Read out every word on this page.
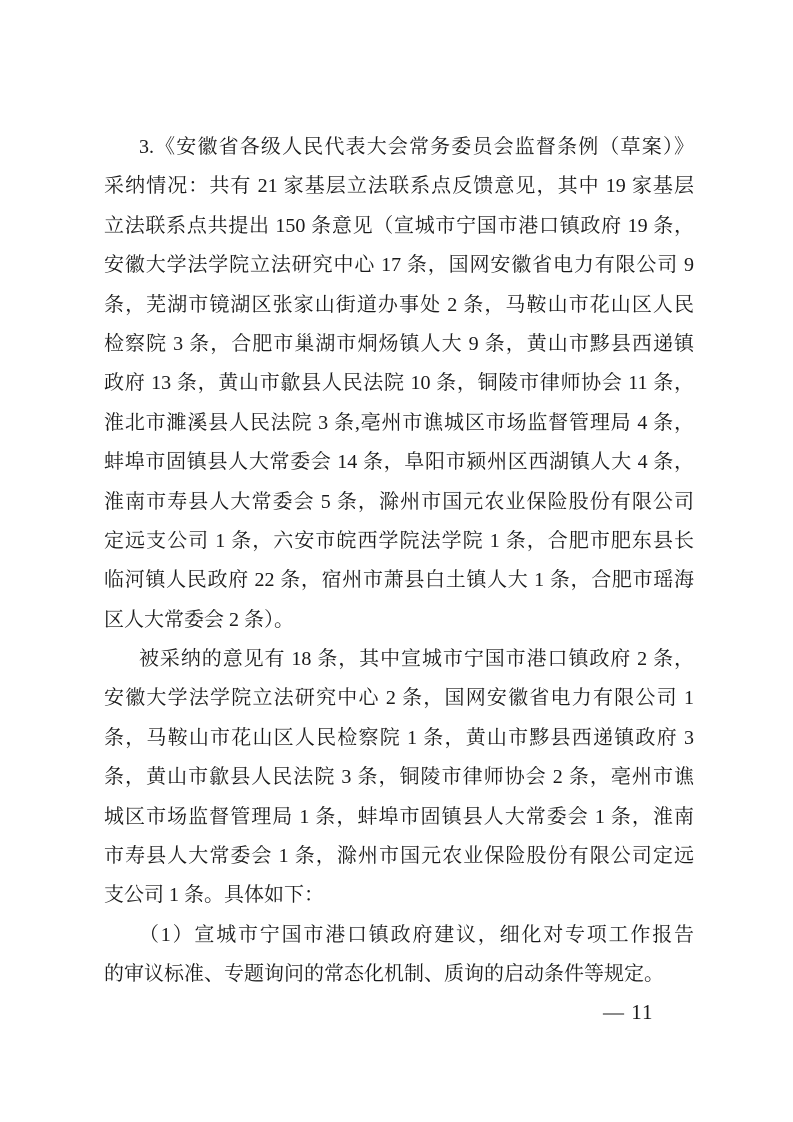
3.《安徽省各级人民代表大会常务委员会监督条例（草案）》
采纳情况：共有 21 家基层立法联系点反馈意见，其中 19 家基层
立法联系点共提出 150 条意见（宣城市宁国市港口镇政府 19 条，
安徽大学法学院立法研究中心 17 条，国网安徽省电力有限公司 9
条，芜湖市镜湖区张家山街道办事处 2 条，马鞍山市花山区人民
检察院 3 条，合肥市巢湖市烔炀镇人大 9 条，黄山市黟县西递镇
政府 13 条，黄山市歙县人民法院 10 条，铜陵市律师协会 11 条，
淮北市濉溪县人民法院 3 条,亳州市谯城区市场监督管理局 4 条，
蚌埠市固镇县人大常委会 14 条，阜阳市颍州区西湖镇人大 4 条，
淮南市寿县人大常委会 5 条，滁州市国元农业保险股份有限公司
定远支公司 1 条，六安市皖西学院法学院 1 条，合肥市肥东县长
临河镇人民政府 22 条，宿州市萧县白土镇人大 1 条，合肥市瑶海
区人大常委会 2 条）。
被采纳的意见有 18 条，其中宣城市宁国市港口镇政府 2 条，
安徽大学法学院立法研究中心 2 条，国网安徽省电力有限公司 1
条，马鞍山市花山区人民检察院 1 条，黄山市黟县西递镇政府 3
条，黄山市歙县人民法院 3 条，铜陵市律师协会 2 条，亳州市谯
城区市场监督管理局 1 条，蚌埠市固镇县人大常委会 1 条，淮南
市寿县人大常委会 1 条，滁州市国元农业保险股份有限公司定远
支公司 1 条。具体如下：
（1）宣城市宁国市港口镇政府建议，细化对专项工作报告
的审议标准、专题询问的常态化机制、质询的启动条件等规定。
— 11
